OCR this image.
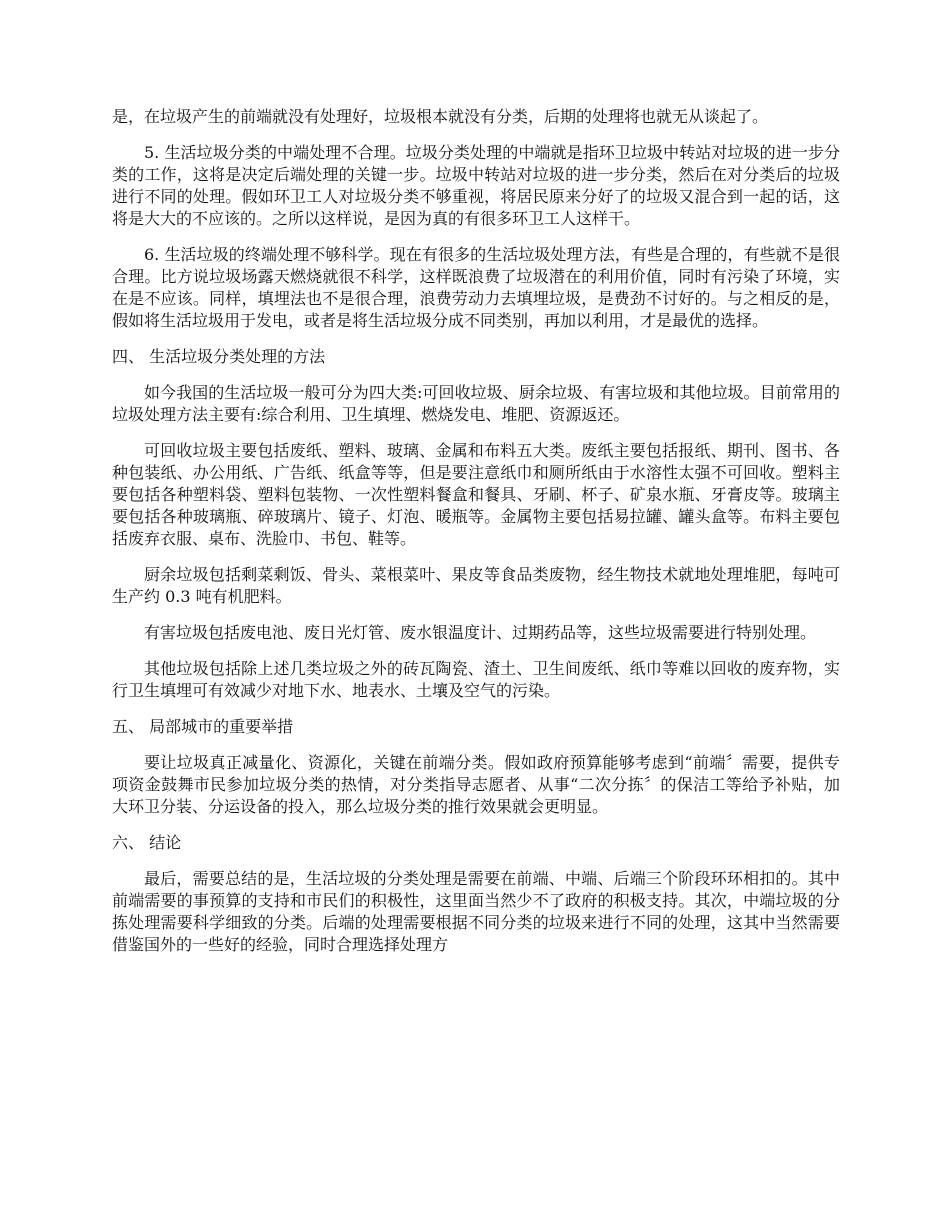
是，在垃圾产生的前端就没有处理好，垃圾根本就没有分类，后期的处理将也就无从谈起了。

5. 生活垃圾分类的中端处理不合理。垃圾分类处理的中端就是指环卫垃圾中转站对垃圾的进一步分类的工作，这将是决定后端处理的关键一步。垃圾中转站对垃圾的进一步分类，然后在对分类后的垃圾进行不同的处理。假如环卫工人对垃圾分类不够重视，将居民原来分好了的垃圾又混合到一起的话，这将是大大的不应该的。之所以这样说，是因为真的有很多环卫工人这样干。

6. 生活垃圾的终端处理不够科学。现在有很多的生活垃圾处理方法，有些是合理的，有些就不是很合理。比方说垃圾场露天燃烧就很不科学，这样既浪费了垃圾潜在的利用价值，同时有污染了环境，实在是不应该。同样，填埋法也不是很合理，浪费劳动力去填埋垃圾，是费劲不讨好的。与之相反的是，假如将生活垃圾用于发电，或者是将生活垃圾分成不同类别，再加以利用，才是最优的选择。

四、 生活垃圾分类处理的方法

如今我国的生活垃圾一般可分为四大类:可回收垃圾、厨余垃圾、有害垃圾和其他垃圾。目前常用的垃圾处理方法主要有:综合利用、卫生填埋、燃烧发电、堆肥、资源返还。

可回收垃圾主要包括废纸、塑料、玻璃、金属和布料五大类。废纸主要包括报纸、期刊、图书、各种包装纸、办公用纸、广告纸、纸盒等等，但是要注意纸巾和厕所纸由于水溶性太强不可回收。塑料主要包括各种塑料袋、塑料包装物、一次性塑料餐盒和餐具、牙刷、杯子、矿泉水瓶、牙膏皮等。玻璃主要包括各种玻璃瓶、碎玻璃片、镜子、灯泡、暖瓶等。金属物主要包括易拉罐、罐头盒等。布料主要包括废弃衣服、桌布、洗脸巾、书包、鞋等。

厨余垃圾包括剩菜剩饭、骨头、菜根菜叶、果皮等食品类废物，经生物技术就地处理堆肥，每吨可生产约 0.3 吨有机肥料。

有害垃圾包括废电池、废日光灯管、废水银温度计、过期药品等，这些垃圾需要进行特别处理。

其他垃圾包括除上述几类垃圾之外的砖瓦陶瓷、渣土、卫生间废纸、纸巾等难以回收的废弃物，实行卫生填埋可有效减少对地下水、地表水、土壤及空气的污染。

五、 局部城市的重要举措

要让垃圾真正减量化、资源化，关键在前端分类。假如政府预算能够考虑到“前端〞需要，提供专项资金鼓舞市民参加垃圾分类的热情，对分类指导志愿者、从事“二次分拣〞的保洁工等给予补贴，加大环卫分装、分运设备的投入，那么垃圾分类的推行效果就会更明显。

六、 结论

最后，需要总结的是，生活垃圾的分类处理是需要在前端、中端、后端三个阶段环环相扣的。其中前端需要的事预算的支持和市民们的积极性，这里面当然少不了政府的积极支持。其次，中端垃圾的分拣处理需要科学细致的分类。后端的处理需要根据不同分类的垃圾来进行不同的处理，这其中当然需要借鉴国外的一些好的经验，同时合理选择处理方
